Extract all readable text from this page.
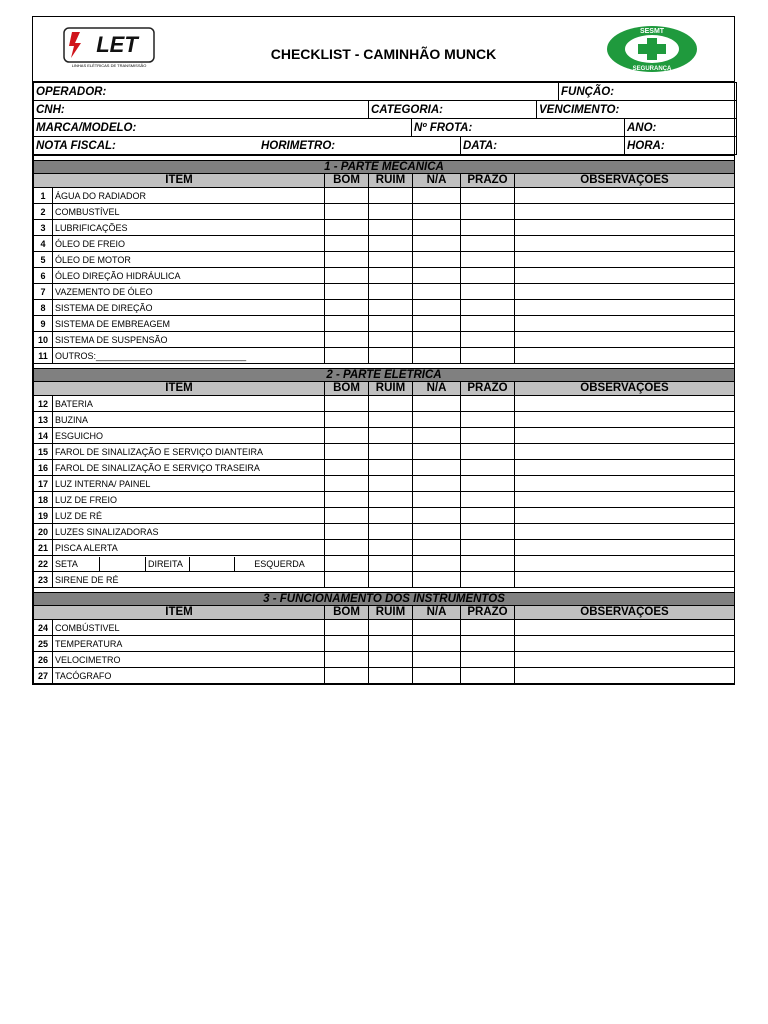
LET
LINHAS ELÉTRICAS DE TRANSMISSÃO
CHECKLIST - CAMINHÃO MUNCK
SESMT
SEGURANÇA
OPERADOR:					FUNÇÃO:	
CNH:	CATEGORIA:			VENCIMENTO:		
MARCA/MODELO:		Nº FROTA:				ANO:
NOTA FISCAL: HORIMETRO:			DATA:			HORA:

1 - PARTE MECÂNICA						
ITEM		BOM	RUIM	N/A	PRAZO	OBSERVAÇÕES
1	ÁGUA DO RADIADOR					
2	COMBUSTÍVEL					
3	LUBRIFICAÇÕES					
4	ÓLEO DE FREIO					
5	ÓLEO DE MOTOR					
6	ÓLEO DIREÇÃO HIDRÁULICA					
7	VAZEMENTO DE ÓLEO					
8	SISTEMA DE DIREÇÃO					
9	SISTEMA DE EMBREAGEM					
10	SISTEMA DE SUSPENSÃO					
11	OUTROS:______________________________					

2 - PARTE ELÉTRICA						
ITEM		BOM	RUIM	N/A	PRAZO	OBSERVAÇÕES
12	BATERIA					
13	BUZINA					
14	ESGUICHO					
15	FAROL DE SINALIZAÇÃO E SERVIÇO DIANTEIRA					
16	FAROL DE SINALIZAÇÃO E SERVIÇO TRASEIRA					
17	LUZ INTERNA/ PAINEL					
18	LUZ DE FREIO					
19	LUZ DE RÉ					
20	LUZES SINALIZADORAS					
21	PISCA ALERTA					
22	SETA DIREITA ESQUERDA					

23	SIRENE DE RÉ					

3 - FUNCIONAMENTO DOS INSTRUMENTOS						
ITEM		BOM	RUIM	N/A	PRAZO	OBSERVAÇÕES
24	COMBÚSTIVEL					
25	TEMPERATURA					
26	VELOCIMETRO					
27	TACÓGRAFO					
